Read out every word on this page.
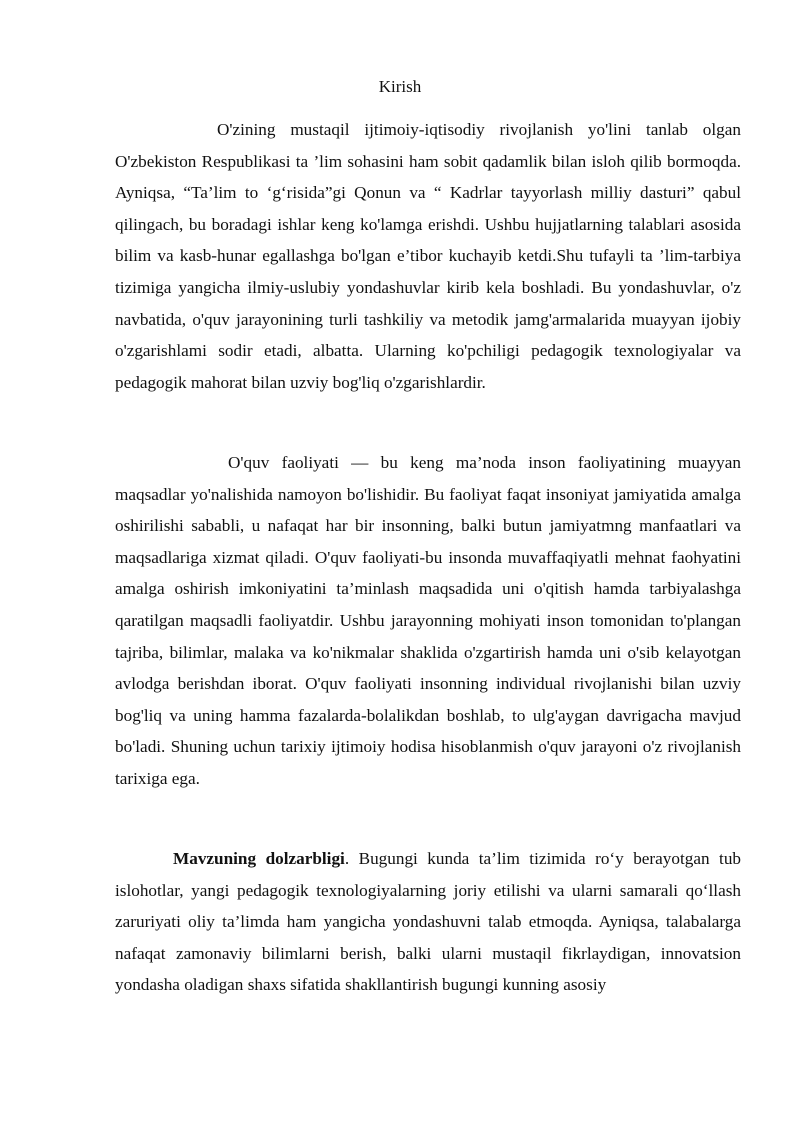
Kirish

O'zining mustaqil ijtimoiy-iqtisodiy rivojlanish yo'lini tanlab olgan O'zbekiston Respublikasi ta ’lim sohasini ham sobit qadamlik bilan isloh qilib bormoqda. Ayniqsa, “Ta’lim to ‘g‘risida”gi Qonun va “ Kadrlar tayyorlash milliy dasturi” qabul qilingach, bu boradagi ishlar keng ko'lamga erishdi. Ushbu hujjatlarning talablari asosida bilim va kasb-hunar egallashga bo'lgan e’tibor kuchayib ketdi.Shu tufayli ta ’lim-tarbiya tizimiga yangicha ilmiy-uslubiy yondashuvlar kirib kela boshladi. Bu yondashuvlar, o'z navbatida, o'quv jarayonining turli tashkiliy va metodik jamg'armalarida muayyan ijobiy o'zgarishlami sodir etadi, albatta. Ularning ko'pchiligi pedagogik texnologiyalar va pedagogik mahorat bilan uzviy bog'liq o'zgarishlardir.

O'quv faoliyati — bu keng ma’noda inson faoliyatining muayyan maqsadlar yo'nalishida namoyon bo'lishidir. Bu faoliyat faqat insoniyat jamiyatida amalga oshirilishi sababli, u nafaqat har bir insonning, balki butun jamiyatmng manfaatlari va maqsadlariga xizmat qiladi. O'quv faoliyati-bu insonda muvaffaqiyatli mehnat faohyatini amalga oshirish imkoniyatini ta’minlash maqsadida uni o'qitish hamda tarbiyalashga qaratilgan maqsadli faoliyatdir. Ushbu jarayonning mohiyati inson tomonidan to'plangan tajriba, bilimlar, malaka va ko'nikmalar shaklida o'zgartirish hamda uni o'sib kelayotgan avlodga berishdan iborat. O'quv faoliyati insonning individual rivojlanishi bilan uzviy bog'liq va uning hamma fazalarda-bolalikdan boshlab, to ulg'aygan davrigacha mavjud bo'ladi. Shuning uchun tarixiy ijtimoiy hodisa hisoblanmish o'quv jarayoni o'z rivojlanish tarixiga ega.

Mavzuning dolzarbligi. Bugungi kunda ta’lim tizimida ro‘y berayotgan tub islohotlar, yangi pedagogik texnologiyalarning joriy etilishi va ularni samarali qo‘llash zaruriyati oliy ta’limda ham yangicha yondashuvni talab etmoqda. Ayniqsa, talabalarga nafaqat zamonaviy bilimlarni berish, balki ularni mustaqil fikrlaydigan, innovatsion yondasha oladigan shaxs sifatida shakllantirish bugungi kunning asosiy
